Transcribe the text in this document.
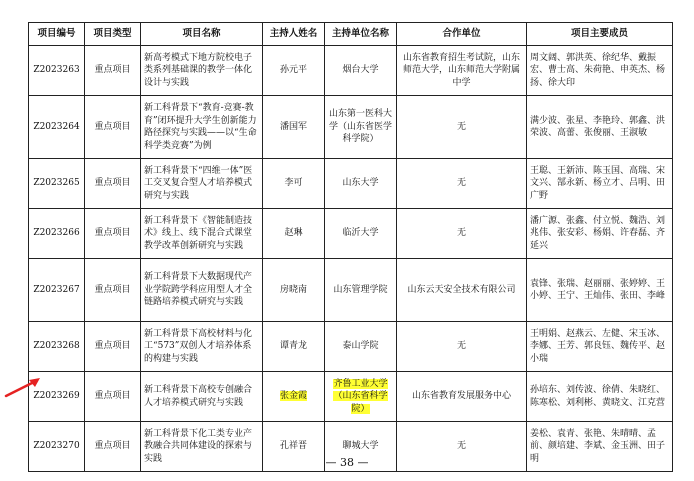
项目编号	项目类型	项目名称	主持人姓名	主持单位名称	合作单位	项目主要成员
Z2023263	重点项目	新高考模式下地方院校电子类系列基础课的教学一体化设计与实践	孙元平	烟台大学	山东省教育招生考试院，山东师范大学，山东师范大学附属中学	周文阔、郭洪英、徐纪华、戴振宏、曹士高、朱荷艳、申英杰、杨扬、徐大印
Z2023264	重点项目	新工科背景下“教育-竞赛-教育”闭环提升大学生创新能力路径探究与实践——以“生命科学类竞赛”为例	潘国军	山东第一医科大学（山东省医学科学院）	无	满少波、张星、李艳玲、郭鑫、洪荣波、高蕾、张俊丽、王淑敏
Z2023265	重点项目	新工科背景下“四维一体”医工交叉复合型人才培养模式研究与实践	李可	山东大学	无	王聪、王新沛、陈玉国、高瑞、宋文兴、郜永新、杨立才、吕明、田广野
Z2023266	重点项目	新工科背景下《智能制造技术》线上、线下混合式课堂教学改革创新研究与实践	赵琳	临沂大学	无	潘广源、张鑫、付立悦、魏浩、刘兆伟、张安彩、杨娟、许春磊、齐延兴
Z2023267	重点项目	新工科背景下大数据现代产业学院跨学科应用型人才全链路培养模式研究与实践	房晓南	山东管理学院	山东云天安全技术有限公司	袁锋、张瑞、赵丽丽、张婷婷、王小婷、王宁、王灿伟、张田、李峰
Z2023268	重点项目	新工科背景下高校材料与化工“573”双创人才培养体系的构建与实践	谭青龙	泰山学院	无	王明娟、赵燕云、左健、宋玉冰、李娜、王芳、郭良钰、魏传平、赵小瑞
Z2023269	重点项目	新工科背景下高校专创融合人才培养模式研究与实践	张金霞	齐鲁工业大学（山东省科学院）	山东省教育发展服务中心	孙培东、刘传波、徐倩、朱晓红、陈寒松、刘利彬、黄晓文、江克营
Z2023270	重点项目	新工科背景下化工类专业产教融合共同体建设的探索与实践	孔祥晋	聊城大学	无	姜松、袁青、张艳、朱晴晴、孟前、颜培建、李斌、金玉洲、田子明
— 38 —
